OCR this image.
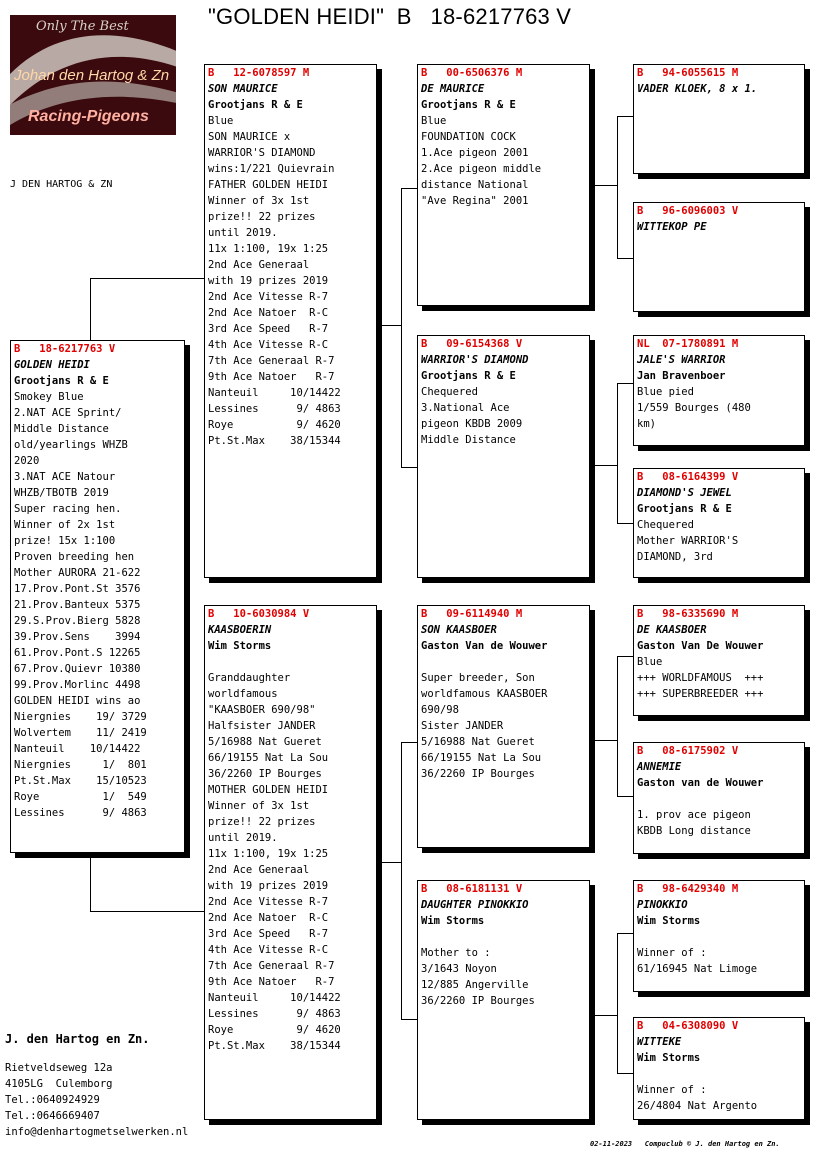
"GOLDEN HEIDI"  B   18-6217763 V
Only The Best
Johan den Hartog & Zn
Racing-Pigeons
J DEN HARTOG & ZN
B   18-6217763 V
GOLDEN HEIDI
Grootjans R & E
Smokey Blue
2.NAT ACE Sprint/
Middle Distance
old/yearlings WHZB
2020
3.NAT ACE Natour
WHZB/TBOTB 2019
Super racing hen.
Winner of 2x 1st
prize! 15x 1:100
Proven breeding hen
Mother AURORA 21-622
17.Prov.Pont.St 3576
21.Prov.Banteux 5375
29.S.Prov.Bierg 5828
39.Prov.Sens    3994
61.Prov.Pont.S 12265
67.Prov.Quievr 10380
99.Prov.Morlinc 4498
GOLDEN HEIDI wins ao
Niergnies    19/ 3729
Wolvertem    11/ 2419
Nanteuil    10/14422
Niergnies     1/  801
Pt.St.Max    15/10523
Roye          1/  549
Lessines      9/ 4863
B   12-6078597 M
SON MAURICE
Grootjans R & E
Blue
SON MAURICE x
WARRIOR'S DIAMOND
wins:1/221 Quievrain
FATHER GOLDEN HEIDI
Winner of 3x 1st
prize!! 22 prizes
until 2019.
11x 1:100, 19x 1:25
2nd Ace Generaal
with 19 prizes 2019
2nd Ace Vitesse R-7
2nd Ace Natoer  R-C
3rd Ace Speed   R-7
4th Ace Vitesse R-C
7th Ace Generaal R-7
9th Ace Natoer   R-7
Nanteuil     10/14422
Lessines      9/ 4863
Roye          9/ 4620
Pt.St.Max    38/15344
B   10-6030984 V
KAASBOERIN
Wim Storms
Granddaughter
worldfamous
"KAASBOER 690/98"
Halfsister JANDER
5/16988 Nat Gueret
66/19155 Nat La Sou
36/2260 IP Bourges
MOTHER GOLDEN HEIDI
Winner of 3x 1st
prize!! 22 prizes
until 2019.
11x 1:100, 19x 1:25
2nd Ace Generaal
with 19 prizes 2019
2nd Ace Vitesse R-7
2nd Ace Natoer  R-C
3rd Ace Speed   R-7
4th Ace Vitesse R-C
7th Ace Generaal R-7
9th Ace Natoer   R-7
Nanteuil     10/14422
Lessines      9/ 4863
Roye          9/ 4620
Pt.St.Max    38/15344
B   00-6506376 M
DE MAURICE
Grootjans R & E
Blue
FOUNDATION COCK
1.Ace pigeon 2001
2.Ace pigeon middle
distance National
"Ave Regina" 2001
B   09-6154368 V
WARRIOR'S DIAMOND
Grootjans R & E
Chequered
3.National Ace
pigeon KBDB 2009
Middle Distance
B   09-6114940 M
SON KAASBOER
Gaston Van de Wouwer
Super breeder, Son
worldfamous KAASBOER
690/98
Sister JANDER
5/16988 Nat Gueret
66/19155 Nat La Sou
36/2260 IP Bourges
B   08-6181131 V
DAUGHTER PINOKKIO
Wim Storms
Mother to :
3/1643 Noyon
12/885 Angerville
36/2260 IP Bourges
B   94-6055615 M
VADER KLOEK, 8 x 1.
B   96-6096003 V
WITTEKOP PE
NL  07-1780891 M
JALE'S WARRIOR
Jan Bravenboer
Blue pied
1/559 Bourges (480
km)
B   08-6164399 V
DIAMOND'S JEWEL
Grootjans R & E
Chequered
Mother WARRIOR'S
DIAMOND, 3rd
B   98-6335690 M
DE KAASBOER
Gaston Van De Wouwer
Blue
+++ WORLDFAMOUS  +++
+++ SUPERBREEDER +++
B   08-6175902 V
ANNEMIE
Gaston van de Wouwer
1. prov ace pigeon
KBDB Long distance
B   98-6429340 M
PINOKKIO
Wim Storms
Winner of :
61/16945 Nat Limoge
B   04-6308090 V
WITTEKE
Wim Storms
Winner of :
26/4804 Nat Argento
J. den Hartog en Zn.
Rietveldseweg 12a
4105LG  Culemborg
Tel.:0640924929
Tel.:0646669407
info@denhartogmetselwerken.nl
02-11-2023   Compuclub © J. den Hartog en Zn.
